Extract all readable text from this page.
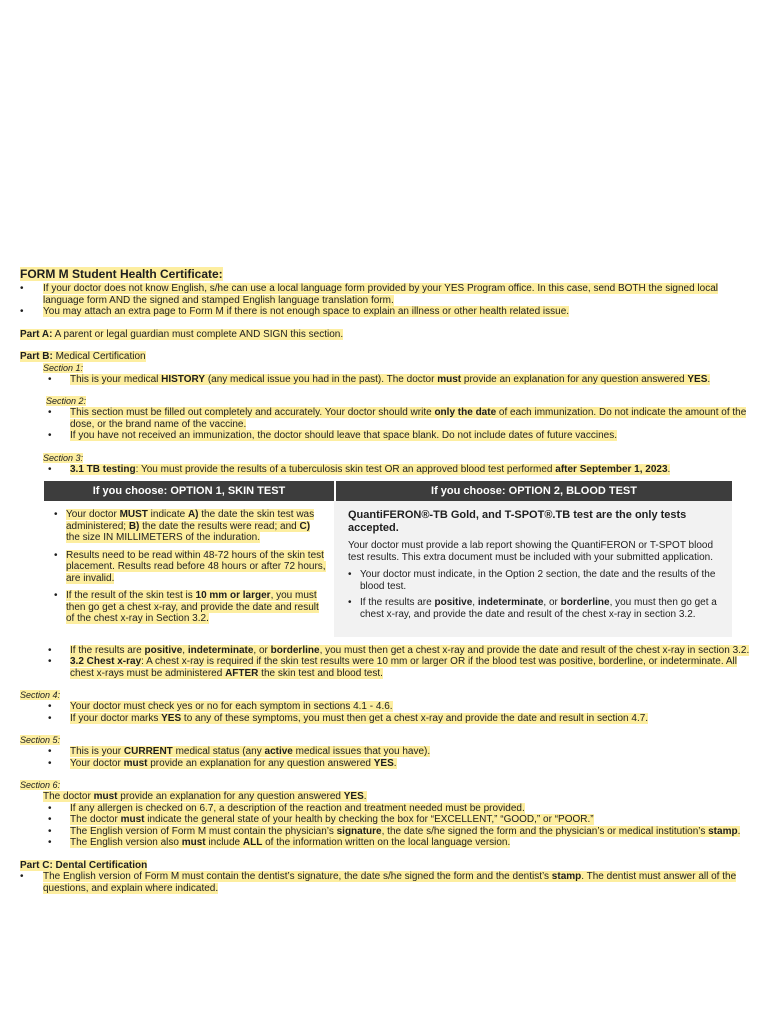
FORM M Student Health Certificate:
• If your doctor does not know English, s/he can use a local language form provided by your YES Program office. In this case, send BOTH the signed local language form AND the signed and stamped English language translation form.
• You may attach an extra page to Form M if there is not enough space to explain an illness or other health related issue.
Part A: A parent or legal guardian must complete AND SIGN this section.
Part B: Medical Certification
Section 1:
• This is your medical HISTORY (any medical issue you had in the past). The doctor must provide an explanation for any question answered YES.
Section 2:
• This section must be filled out completely and accurately. Your doctor should write only the date of each immunization. Do not indicate the amount of the dose, or the brand name of the vaccine.
• If you have not received an immunization, the doctor should leave that space blank. Do not include dates of future vaccines.
Section 3:
• 3.1 TB testing: You must provide the results of a tuberculosis skin test OR an approved blood test performed after September 1, 2023.
If you choose: OPTION 1, SKIN TEST	If you choose: OPTION 2, BLOOD TEST
• Your doctor MUST indicate A) the date the skin test was administered; B) the date the results were read; and C) the size IN MILLIMETERS of the induration.
• Results need to be read within 48-72 hours of the skin test placement. Results read before 48 hours or after 72 hours, are invalid.
• If the result of the skin test is 10 mm or larger, you must then go get a chest x-ray, and provide the date and result of the chest x-ray in Section 3.2.

QuantiFERON®-TB Gold, and T-SPOT®.TB test are the only tests accepted.

Your doctor must provide a lab report showing the QuantiFERON or T-SPOT blood test results. This extra document must be included with your submitted application.

• Your doctor must indicate, in the Option 2 section, the date and the results of the blood test.
• If the results are positive, indeterminate, or borderline, you must then go get a chest x-ray, and provide the date and result of the chest x-ray in section 3.2.
• If the results are positive, indeterminate, or borderline, you must then get a chest x-ray and provide the date and result of the chest x-ray in section 3.2.
• 3.2 Chest x-ray: A chest x-ray is required if the skin test results were 10 mm or larger OR if the blood test was positive, borderline, or indeterminate. All chest x-rays must be administered AFTER the skin test and blood test.
Section 4:
• Your doctor must check yes or no for each symptom in sections 4.1 - 4.6.
• If your doctor marks YES to any of these symptoms, you must then get a chest x-ray and provide the date and result in section 4.7.
Section 5:
• This is your CURRENT medical status (any active medical issues that you have).
• Your doctor must provide an explanation for any question answered YES.
Section 6:
The doctor must provide an explanation for any question answered YES.
• If any allergen is checked on 6.7, a description of the reaction and treatment needed must be provided.
• The doctor must indicate the general state of your health by checking the box for “EXCELLENT,” “GOOD,” or “POOR.”
• The English version of Form M must contain the physician’s signature, the date s/he signed the form and the physician’s or medical institution’s stamp.
• The English version also must include ALL of the information written on the local language version.
Part C: Dental Certification
• The English version of Form M must contain the dentist’s signature, the date s/he signed the form and the dentist’s stamp. The dentist must answer all of the questions, and explain where indicated.
